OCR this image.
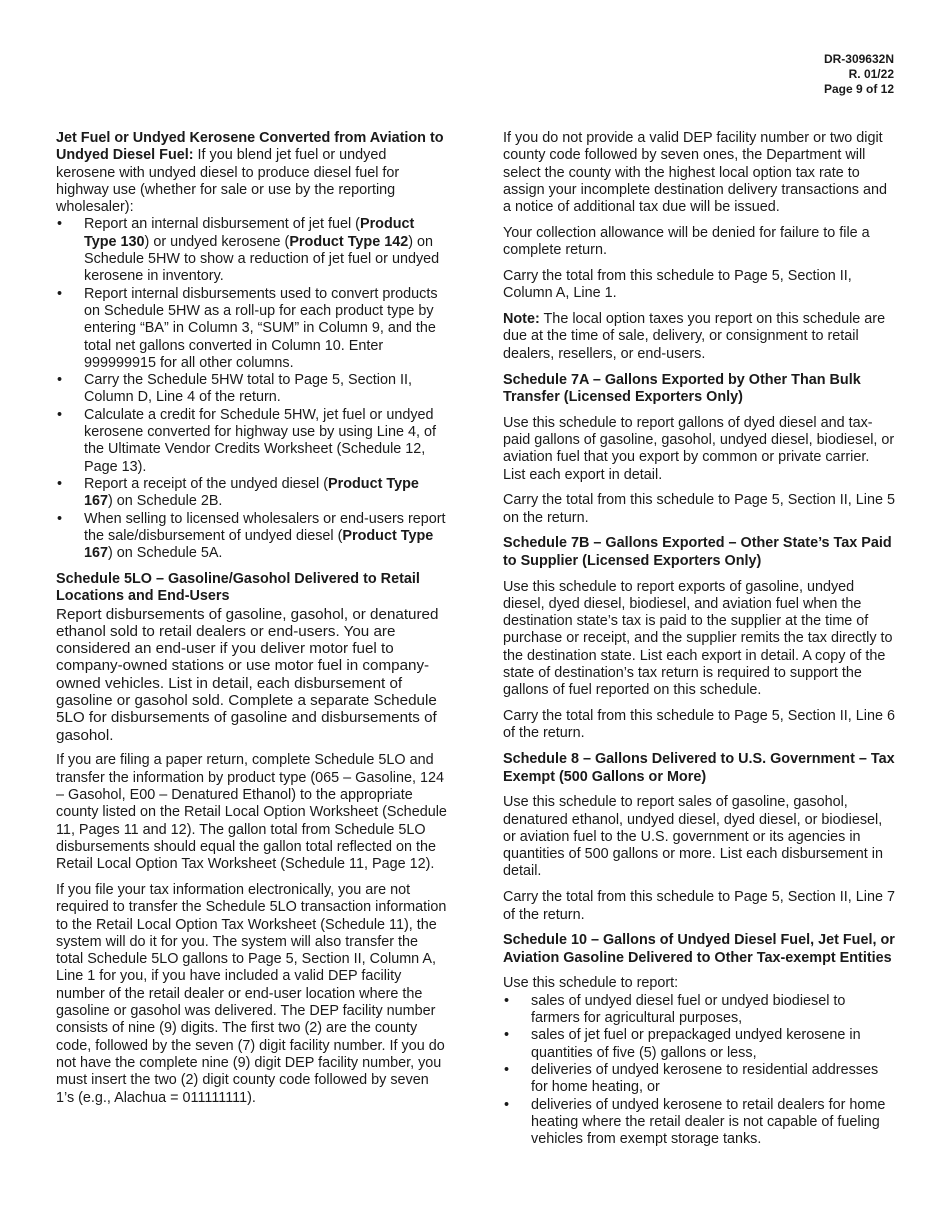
DR-309632N
R. 01/22
Page 9 of 12

Jet Fuel or Undyed Kerosene Converted from Aviation to Undyed Diesel Fuel: If you blend jet fuel or undyed kerosene with undyed diesel to produce diesel fuel for highway use (whether for sale or use by the reporting wholesaler):

• Report an internal disbursement of jet fuel (Product Type 130) or undyed kerosene (Product Type 142) on Schedule 5HW to show a reduction of jet fuel or undyed kerosene in inventory.
• Report internal disbursements used to convert products on Schedule 5HW as a roll-up for each product type by entering “BA” in Column 3, “SUM” in Column 9, and the total net gallons converted in Column 10. Enter 999999915 for all other columns.
• Carry the Schedule 5HW total to Page 5, Section II, Column D, Line 4 of the return.
• Calculate a credit for Schedule 5HW, jet fuel or undyed kerosene converted for highway use by using Line 4, of the Ultimate Vendor Credits Worksheet (Schedule 12, Page 13).
• Report a receipt of the undyed diesel (Product Type 167) on Schedule 2B.
• When selling to licensed wholesalers or end-users report the sale/disbursement of undyed diesel (Product Type 167) on Schedule 5A.
Schedule 5LO – Gasoline/Gasohol Delivered to Retail Locations and End-Users

Report disbursements of gasoline, gasohol, or denatured ethanol sold to retail dealers or end-users. You are considered an end-user if you deliver motor fuel to company-owned stations or use motor fuel in company-owned vehicles. List in detail, each disbursement of gasoline or gasohol sold. Complete a separate Schedule 5LO for disbursements of gasoline and disbursements of gasohol.

If you are filing a paper return, complete Schedule 5LO and transfer the information by product type (065 – Gasoline, 124 – Gasohol, E00 – Denatured Ethanol) to the appropriate county listed on the Retail Local Option Worksheet (Schedule 11, Pages 11 and 12). The gallon total from Schedule 5LO disbursements should equal the gallon total reflected on the Retail Local Option Tax Worksheet (Schedule 11, Page 12).

If you file your tax information electronically, you are not required to transfer the Schedule 5LO transaction information to the Retail Local Option Tax Worksheet (Schedule 11), the system will do it for you. The system will also transfer the total Schedule 5LO gallons to Page 5, Section II, Column A, Line 1 for you, if you have included a valid DEP facility number of the retail dealer or end-user location where the gasoline or gasohol was delivered. The DEP facility number consists of nine (9) digits. The first two (2) are the county code, followed by the seven (7) digit facility number. If you do not have the complete nine (9) digit DEP facility number, you must insert the two (2) digit county code followed by seven 1’s (e.g., Alachua = 011111111).

If you do not provide a valid DEP facility number or two digit county code followed by seven ones, the Department will select the county with the highest local option tax rate to assign your incomplete destination delivery transactions and a notice of additional tax due will be issued.

Your collection allowance will be denied for failure to file a complete return.

Carry the total from this schedule to Page 5, Section II, Column A, Line 1.

Note: The local option taxes you report on this schedule are due at the time of sale, delivery, or consignment to retail dealers, resellers, or end-users.

Schedule 7A – Gallons Exported by Other Than Bulk Transfer (Licensed Exporters Only)

Use this schedule to report gallons of dyed diesel and tax-paid gallons of gasoline, gasohol, undyed diesel, biodiesel, or aviation fuel that you export by common or private carrier. List each export in detail.

Carry the total from this schedule to Page 5, Section II, Line 5 on the return.

Schedule 7B – Gallons Exported – Other State’s Tax Paid to Supplier (Licensed Exporters Only)

Use this schedule to report exports of gasoline, undyed diesel, dyed diesel, biodiesel, and aviation fuel when the destination state’s tax is paid to the supplier at the time of purchase or receipt, and the supplier remits the tax directly to the destination state. List each export in detail. A copy of the state of destination’s tax return is required to support the gallons of fuel reported on this schedule.

Carry the total from this schedule to Page 5, Section II, Line 6 of the return.

Schedule 8 – Gallons Delivered to U.S. Government – Tax Exempt (500 Gallons or More)

Use this schedule to report sales of gasoline, gasohol, denatured ethanol, undyed diesel, dyed diesel, or biodiesel, or aviation fuel to the U.S. government or its agencies in quantities of 500 gallons or more. List each disbursement in detail.

Carry the total from this schedule to Page 5, Section II, Line 7 of the return.

Schedule 10 – Gallons of Undyed Diesel Fuel, Jet Fuel, or Aviation Gasoline Delivered to Other Tax-exempt Entities

Use this schedule to report:

• sales of undyed diesel fuel or undyed biodiesel to farmers for agricultural purposes,
• sales of jet fuel or prepackaged undyed kerosene in quantities of five (5) gallons or less,
• deliveries of undyed kerosene to residential addresses for home heating, or
• deliveries of undyed kerosene to retail dealers for home heating where the retail dealer is not capable of fueling vehicles from exempt storage tanks.
